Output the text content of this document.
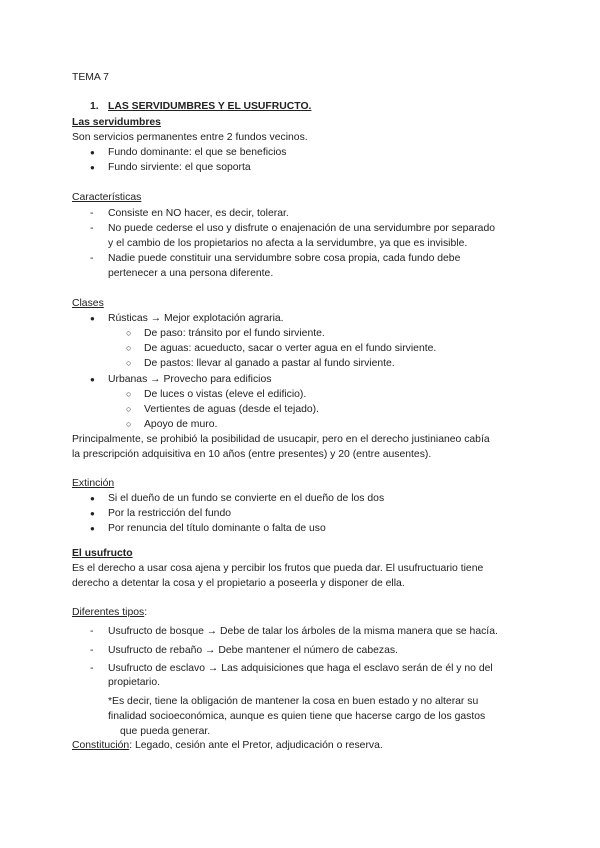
TEMA 7
1. LAS SERVIDUMBRES Y EL USUFRUCTO.
Las servidumbres
Son servicios permanentes entre 2 fundos vecinos.
●
Fundo dominante: el que se beneficios
●
Fundo sirviente: el que soporta
Características
-
Consiste en NO hacer, es decir, tolerar.
-
No puede cederse el uso y disfrute o enajenación de una servidumbre por separado
y el cambio de los propietarios no afecta a la servidumbre, ya que es invisible.
-
Nadie puede constituir una servidumbre sobre cosa propia, cada fundo debe
pertenecer a una persona diferente.
Clases
●
Rústicas → Mejor explotación agraria.
○
De paso: tránsito por el fundo sirviente.
○
De aguas: acueducto, sacar o verter agua en el fundo sirviente.
○
De pastos: llevar al ganado a pastar al fundo sirviente.
●
Urbanas → Provecho para edificios
○
De luces o vistas (eleve el edificio).
○
Vertientes de aguas (desde el tejado).
○
Apoyo de muro.
Principalmente, se prohibió la posibilidad de usucapir, pero en el derecho justinianeo cabía
la prescripción adquisitiva en 10 años (entre presentes) y 20 (entre ausentes).
Extinción
●
Si el dueño de un fundo se convierte en el dueño de los dos
●
Por la restricción del fundo
●
Por renuncia del título dominante o falta de uso
El usufructo
Es el derecho a usar cosa ajena y percibir los frutos que pueda dar. El usufructuario tiene
derecho a detentar la cosa y el propietario a poseerla y disponer de ella.
Diferentes tipos:
-
Usufructo de bosque → Debe de talar los árboles de la misma manera que se hacía.
-
Usufructo de rebaño → Debe mantener el número de cabezas.
-
Usufructo de esclavo → Las adquisiciones que haga el esclavo serán de él y no del
propietario.
*Es decir, tiene la obligación de mantener la cosa en buen estado y no alterar su
finalidad socioeconómica, aunque es quien tiene que hacerse cargo de los gastos
que pueda generar.
Constitución: Legado, cesión ante el Pretor, adjudicación o reserva.
